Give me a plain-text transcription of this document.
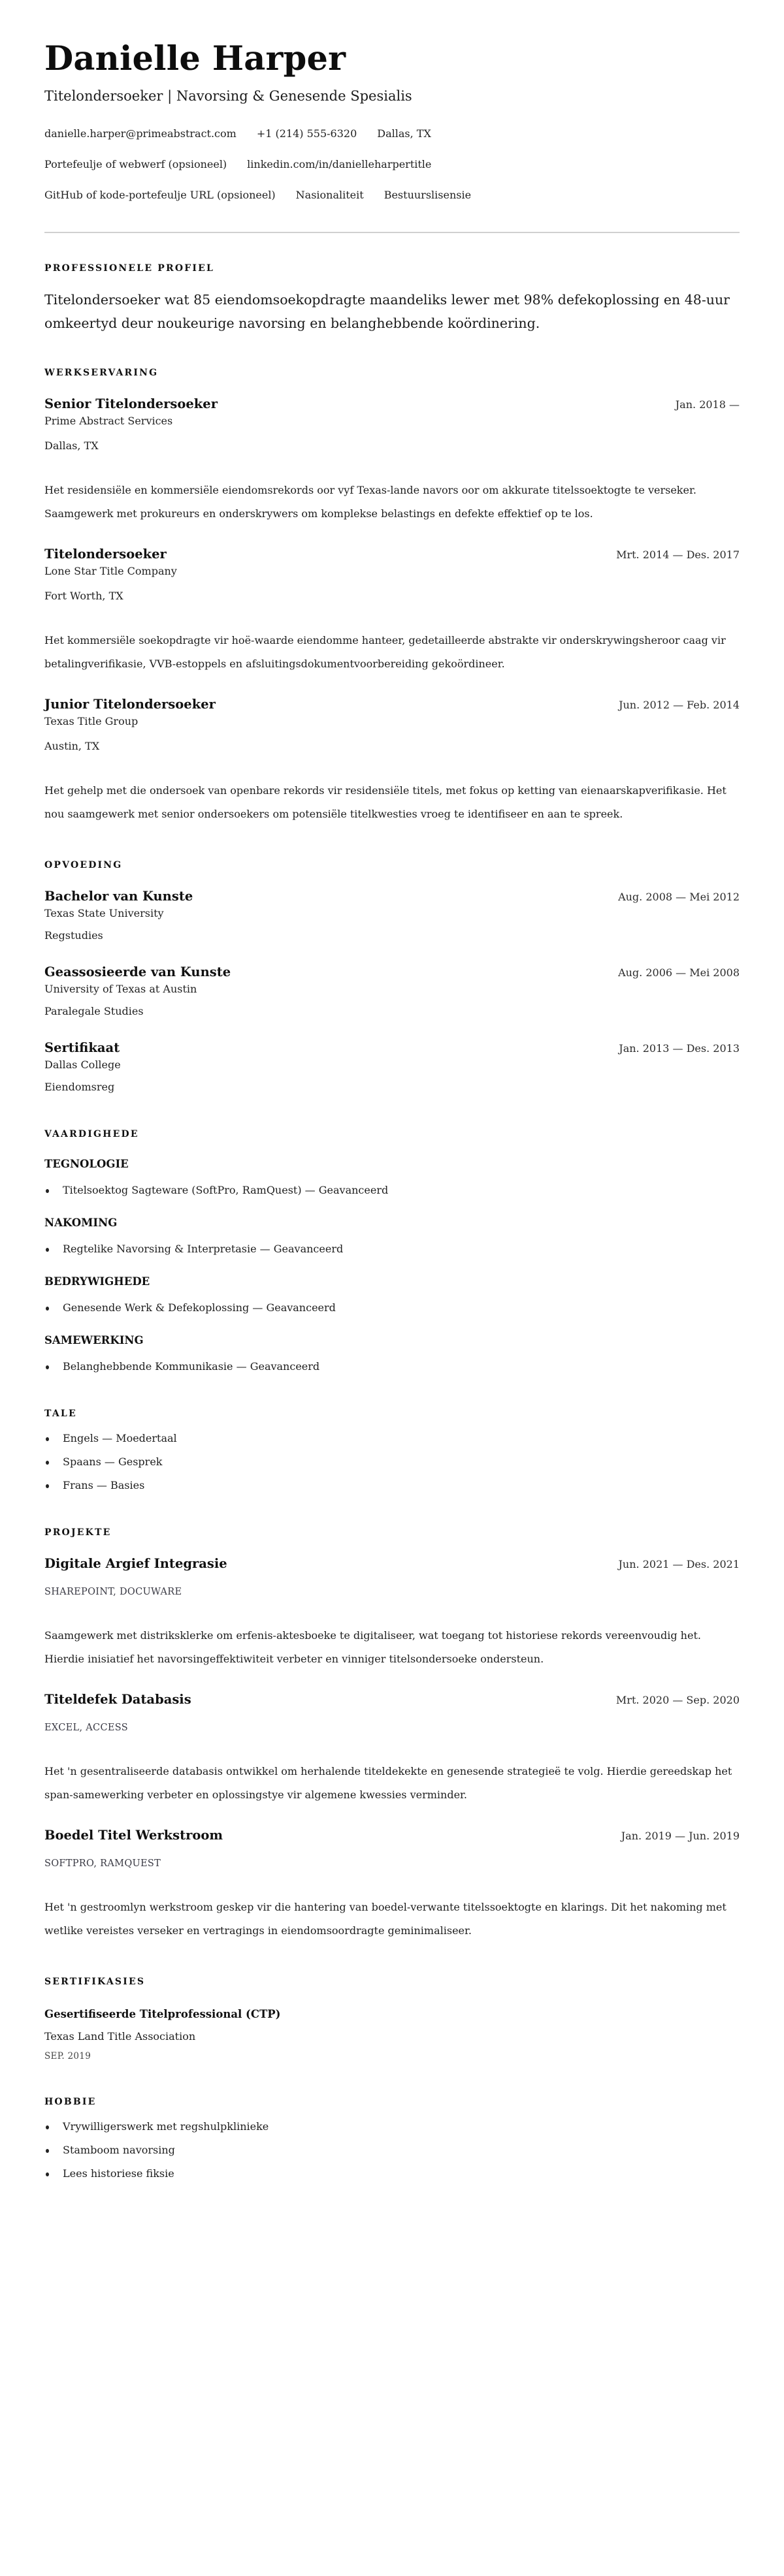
Danielle Harper
Titelondersoeker | Navorsing & Genesende Spesialis
danielle.harper@primeabstract.com +1 (214) 555-6320 Dallas, TX
Portefeulje of webwerf (opsioneel) linkedin.com/in/danielleharpertitle
GitHub of kode-portefeulje URL (opsioneel) Nasionaliteit Bestuurslisensie
PROFESSIONELE PROFIEL

Titelondersoeker wat 85 eiendomsoekopdragte maandeliks lewer met 98% defekoplossing en 48-uur omkeertyd deur noukeurige navorsing en belanghebbende koördinering.

WERKSERVARING
Senior Titelondersoeker	Jan. 2018 —
Prime Abstract Services
Dallas, TX

Het residensiële en kommersiële eiendomsrekords oor vyf Texas-lande navors oor om akkurate titelssoektogte te verseker. Saamgewerk met prokureurs en onderskrywers om komplekse belastings en defekte effektief op te los.

Titelondersoeker	Mrt. 2014 — Des. 2017
Lone Star Title Company
Fort Worth, TX

Het kommersiële soekopdragte vir hoë-waarde eiendomme hanteer, gedetailleerde abstrakte vir onderskrywingsheroor caag vir betalingverifikasie, VVB-estoppels en afsluitingsdokumentvoorbereiding gekoördineer.

Junior Titelondersoeker	Jun. 2012 — Feb. 2014
Texas Title Group
Austin, TX

Het gehelp met die ondersoek van openbare rekords vir residensiële titels, met fokus op ketting van eienaarskapverifikasie. Het nou saamgewerk met senior ondersoekers om potensiële titelkwesties vroeg te identifiseer en aan te spreek.

OPVOEDING
Bachelor van Kunste	Aug. 2008 — Mei 2012
Texas State University
Regstudies
Geassosieerde van Kunste	Aug. 2006 — Mei 2008
University of Texas at Austin
Paralegale Studies
Sertifikaat	Jan. 2013 — Des. 2013
Dallas College
Eiendomsreg
VAARDIGHEDE
TEGNOLOGIE
Titelsoektog Sagteware (SoftPro, RamQuest) — Geavanceerd
NAKOMING
Regtelike Navorsing & Interpretasie — Geavanceerd
BEDRYWIGHEDE
Genesende Werk & Defekoplossing — Geavanceerd
SAMEWERKING
Belanghebbende Kommunikasie — Geavanceerd
TALE
Engels — Moedertaal
Spaans — Gesprek
Frans — Basies
PROJEKTE
Digitale Argief Integrasie	Jun. 2021 — Des. 2021
SHAREPOINT, DOCUWARE

Saamgewerk met distriksklerke om erfenis-aktesboeke te digitaliseer, wat toegang tot historiese rekords vereenvoudig het. Hierdie inisiatief het navorsingeffektiwiteit verbeter en vinniger titelsondersoeke ondersteun.

Titeldefek Databasis	Mrt. 2020 — Sep. 2020
EXCEL, ACCESS

Het 'n gesentraliseerde databasis ontwikkel om herhalende titeldekekte en genesende strategieë te volg. Hierdie gereedskap het span-samewerking verbeter en oplossingstye vir algemene kwessies verminder.

Boedel Titel Werkstroom	Jan. 2019 — Jun. 2019
SOFTPRO, RAMQUEST

Het 'n gestroomlyn werkstroom geskep vir die hantering van boedel-verwante titelssoektogte en klarings. Dit het nakoming met wetlike vereistes verseker en vertragings in eiendomsoordragte geminimaliseer.

SERTIFIKASIES
Gesertifiseerde Titelprofessional (CTP)
Texas Land Title Association
SEP. 2019
HOBBIE
Vrywilligerswerk met regshulpklinieke
Stamboom navorsing
Lees historiese fiksie
